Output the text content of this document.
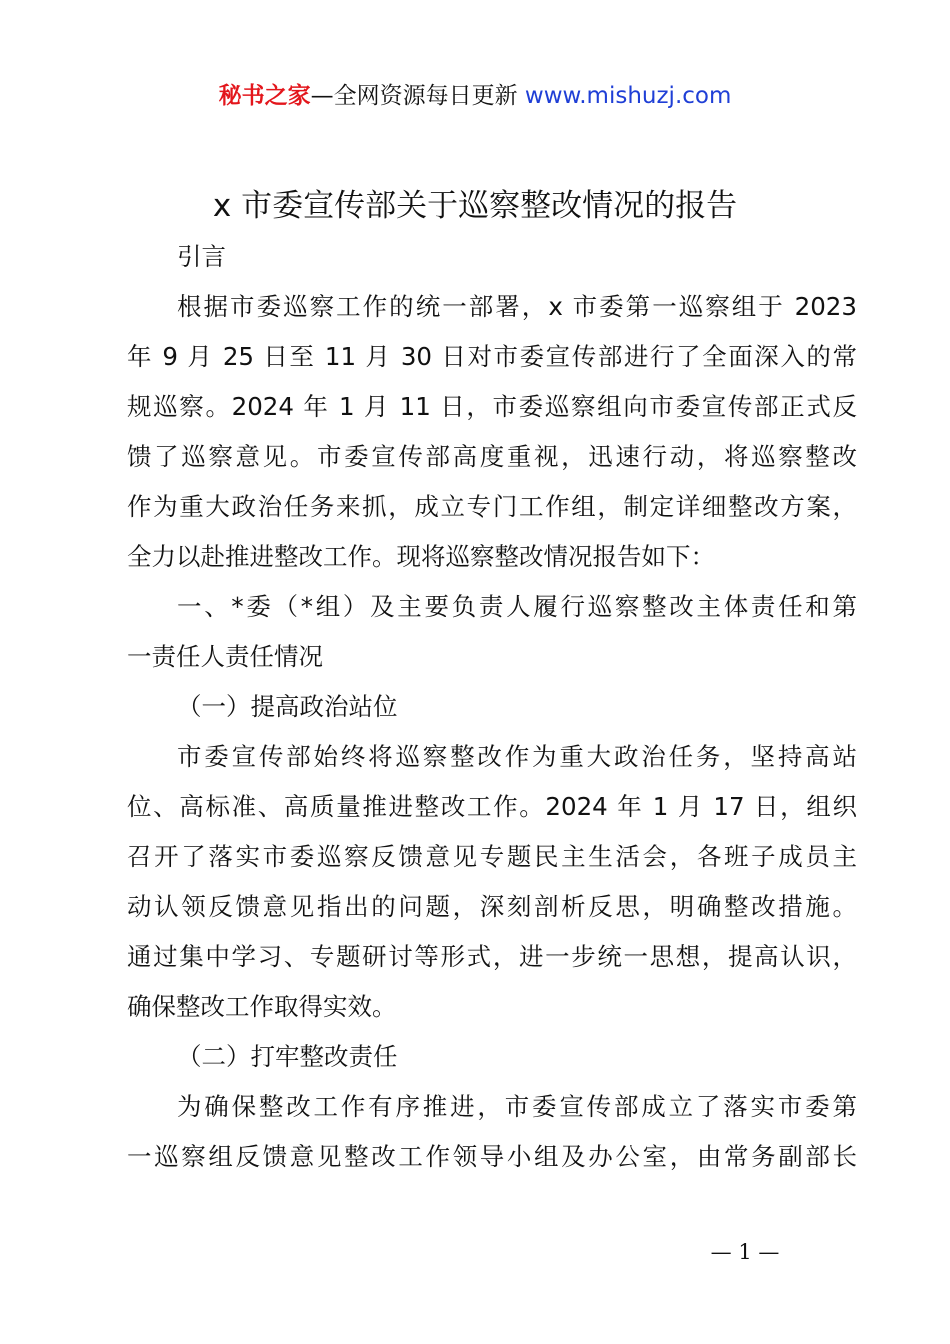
秘书之家—全网资源每日更新 www.mishuzj.com
x 市委宣传部关于巡察整改情况的报告
引言
根据市委巡察工作的统一部署，x 市委第一巡察组于 2023
年 9 月 25 日至 11 月 30 日对市委宣传部进行了全面深入的常
规巡察。2024 年 1 月 11 日，市委巡察组向市委宣传部正式反
馈了巡察意见。市委宣传部高度重视，迅速行动，将巡察整改
作为重大政治任务来抓，成立专门工作组，制定详细整改方案，
全力以赴推进整改工作。现将巡察整改情况报告如下：
一、*委（*组）及主要负责人履行巡察整改主体责任和第
一责任人责任情况
（一）提高政治站位
市委宣传部始终将巡察整改作为重大政治任务，坚持高站
位、高标准、高质量推进整改工作。2024 年 1 月 17 日，组织
召开了落实市委巡察反馈意见专题民主生活会，各班子成员主
动认领反馈意见指出的问题，深刻剖析反思，明确整改措施。
通过集中学习、专题研讨等形式，进一步统一思想，提高认识，
确保整改工作取得实效。
（二）打牢整改责任
为确保整改工作有序推进，市委宣传部成立了落实市委第
一巡察组反馈意见整改工作领导小组及办公室，由常务副部长
— 1 —
